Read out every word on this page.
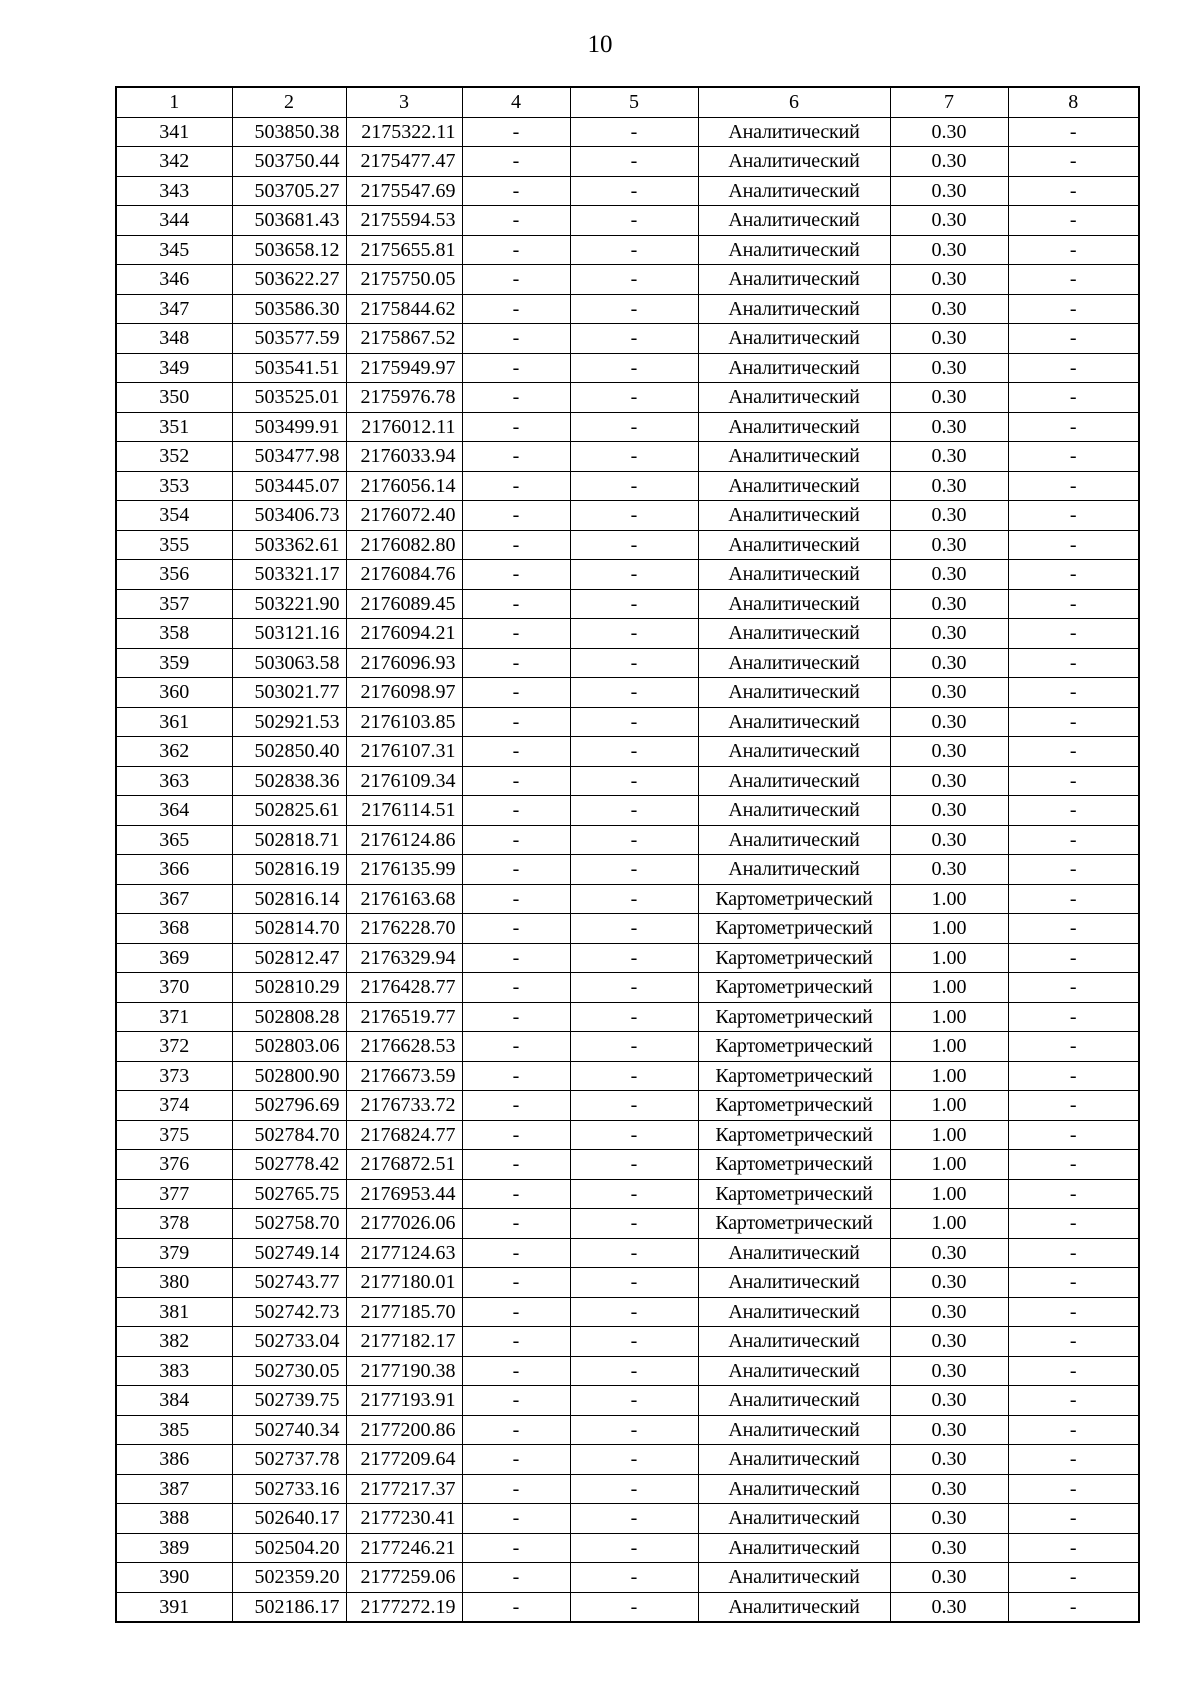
10
1	2	3	4	5	6	7	8
341	503850.38	2175322.11	-	-	Аналитический	0.30	-
342	503750.44	2175477.47	-	-	Аналитический	0.30	-
343	503705.27	2175547.69	-	-	Аналитический	0.30	-
344	503681.43	2175594.53	-	-	Аналитический	0.30	-
345	503658.12	2175655.81	-	-	Аналитический	0.30	-
346	503622.27	2175750.05	-	-	Аналитический	0.30	-
347	503586.30	2175844.62	-	-	Аналитический	0.30	-
348	503577.59	2175867.52	-	-	Аналитический	0.30	-
349	503541.51	2175949.97	-	-	Аналитический	0.30	-
350	503525.01	2175976.78	-	-	Аналитический	0.30	-
351	503499.91	2176012.11	-	-	Аналитический	0.30	-
352	503477.98	2176033.94	-	-	Аналитический	0.30	-
353	503445.07	2176056.14	-	-	Аналитический	0.30	-
354	503406.73	2176072.40	-	-	Аналитический	0.30	-
355	503362.61	2176082.80	-	-	Аналитический	0.30	-
356	503321.17	2176084.76	-	-	Аналитический	0.30	-
357	503221.90	2176089.45	-	-	Аналитический	0.30	-
358	503121.16	2176094.21	-	-	Аналитический	0.30	-
359	503063.58	2176096.93	-	-	Аналитический	0.30	-
360	503021.77	2176098.97	-	-	Аналитический	0.30	-
361	502921.53	2176103.85	-	-	Аналитический	0.30	-
362	502850.40	2176107.31	-	-	Аналитический	0.30	-
363	502838.36	2176109.34	-	-	Аналитический	0.30	-
364	502825.61	2176114.51	-	-	Аналитический	0.30	-
365	502818.71	2176124.86	-	-	Аналитический	0.30	-
366	502816.19	2176135.99	-	-	Аналитический	0.30	-
367	502816.14	2176163.68	-	-	Картометрический	1.00	-
368	502814.70	2176228.70	-	-	Картометрический	1.00	-
369	502812.47	2176329.94	-	-	Картометрический	1.00	-
370	502810.29	2176428.77	-	-	Картометрический	1.00	-
371	502808.28	2176519.77	-	-	Картометрический	1.00	-
372	502803.06	2176628.53	-	-	Картометрический	1.00	-
373	502800.90	2176673.59	-	-	Картометрический	1.00	-
374	502796.69	2176733.72	-	-	Картометрический	1.00	-
375	502784.70	2176824.77	-	-	Картометрический	1.00	-
376	502778.42	2176872.51	-	-	Картометрический	1.00	-
377	502765.75	2176953.44	-	-	Картометрический	1.00	-
378	502758.70	2177026.06	-	-	Картометрический	1.00	-
379	502749.14	2177124.63	-	-	Аналитический	0.30	-
380	502743.77	2177180.01	-	-	Аналитический	0.30	-
381	502742.73	2177185.70	-	-	Аналитический	0.30	-
382	502733.04	2177182.17	-	-	Аналитический	0.30	-
383	502730.05	2177190.38	-	-	Аналитический	0.30	-
384	502739.75	2177193.91	-	-	Аналитический	0.30	-
385	502740.34	2177200.86	-	-	Аналитический	0.30	-
386	502737.78	2177209.64	-	-	Аналитический	0.30	-
387	502733.16	2177217.37	-	-	Аналитический	0.30	-
388	502640.17	2177230.41	-	-	Аналитический	0.30	-
389	502504.20	2177246.21	-	-	Аналитический	0.30	-
390	502359.20	2177259.06	-	-	Аналитический	0.30	-
391	502186.17	2177272.19	-	-	Аналитический	0.30	-
